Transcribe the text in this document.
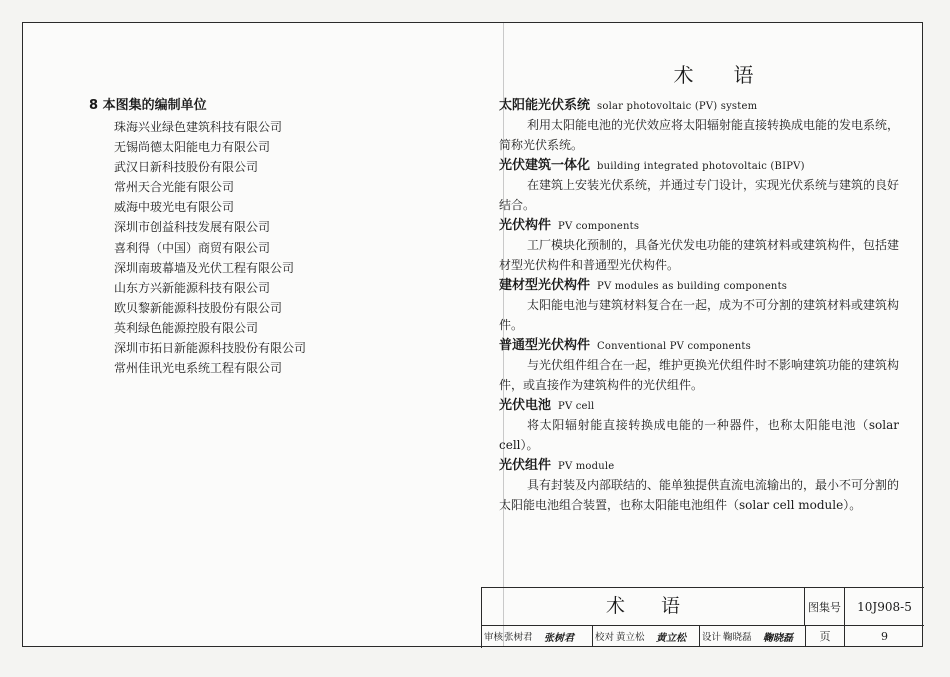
8 本图集的编制单位
珠海兴业绿色建筑科技有限公司
无锡尚德太阳能电力有限公司
武汉日新科技股份有限公司
常州天合光能有限公司
威海中玻光电有限公司
深圳市创益科技发展有限公司
喜利得（中国）商贸有限公司
深圳南玻幕墙及光伏工程有限公司
山东方兴新能源科技有限公司
欧贝黎新能源科技股份有限公司
英利绿色能源控股有限公司
深圳市拓日新能源科技股份有限公司
常州佳讯光电系统工程有限公司
术语
太阳能光伏系统 solar photovoltaic (PV) system
利用太阳能电池的光伏效应将太阳辐射能直接转换成电能的发电系统，简称光伏系统。
光伏建筑一体化 building integrated photovoltaic (BIPV)
在建筑上安装光伏系统，并通过专门设计，实现光伏系统与建筑的良好结合。
光伏构件 PV components
工厂模块化预制的，具备光伏发电功能的建筑材料或建筑构件，包括建材型光伏构件和普通型光伏构件。
建材型光伏构件 PV modules as building components
太阳能电池与建筑材料复合在一起，成为不可分割的建筑材料或建筑构件。
普通型光伏构件 Conventional PV components
与光伏组件组合在一起，维护更换光伏组件时不影响建筑功能的建筑构件，或直接作为建筑构件的光伏组件。
光伏电池 PV cell
将太阳辐射能直接转换成电能的一种器件，也称太阳能电池（solar cell）。
光伏组件 PV module
具有封装及内部联结的、能单独提供直流电流输出的，最小不可分割的太阳能电池组合装置，也称太阳能电池组件（solar cell module）。
术语	图集号	10J908-5
审核 张树君 张树君 校对 黄立松 黄立松 设计 鞠晓磊 鞠晓磊	页	9
